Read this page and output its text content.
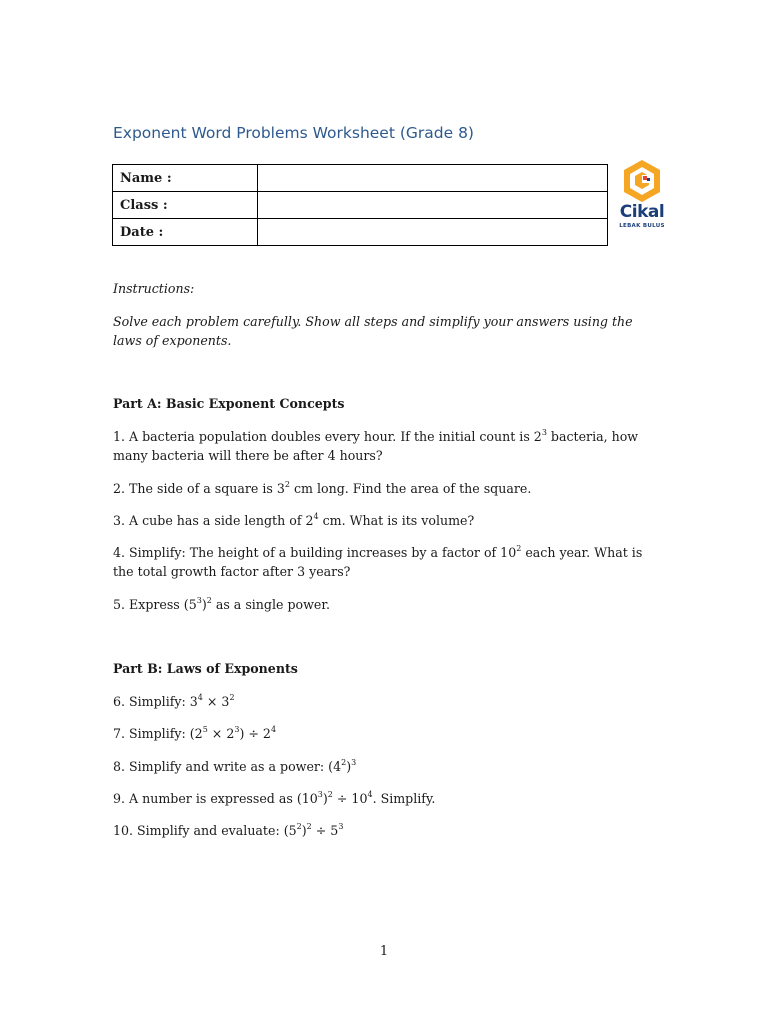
Exponent Word Problems Worksheet (Grade 8)
Name :	
Class :	
Date :	
Cikal
LEBAK BULUS
Instructions:
Solve each problem carefully. Show all steps and simplify your answers using the laws of exponents.
Part A: Basic Exponent Concepts
1. A bacteria population doubles every hour. If the initial count is $2^3$ bacteria, how many bacteria will there be after 4 hours?
2. The side of a square is $3^2$ cm long. Find the area of the square.
3. A cube has a side length of $2^4$ cm. What is its volume?
4. Simplify: The height of a building increases by a factor of $10^2$ each year. What is the total growth factor after 3 years?
5. Express $(5^3)^2$ as a single power.
Part B: Laws of Exponents
6. Simplify: $3^4 \times 3^2$
7. Simplify: $(2^5 \times 2^3) \div 2^4$
8. Simplify and write as a power: $(4^2)^3$
9. A number is expressed as $(10^3)^2 \div 10^4$. Simplify.
10. Simplify and evaluate: $(5^2)^2 \div 5^3$
1
